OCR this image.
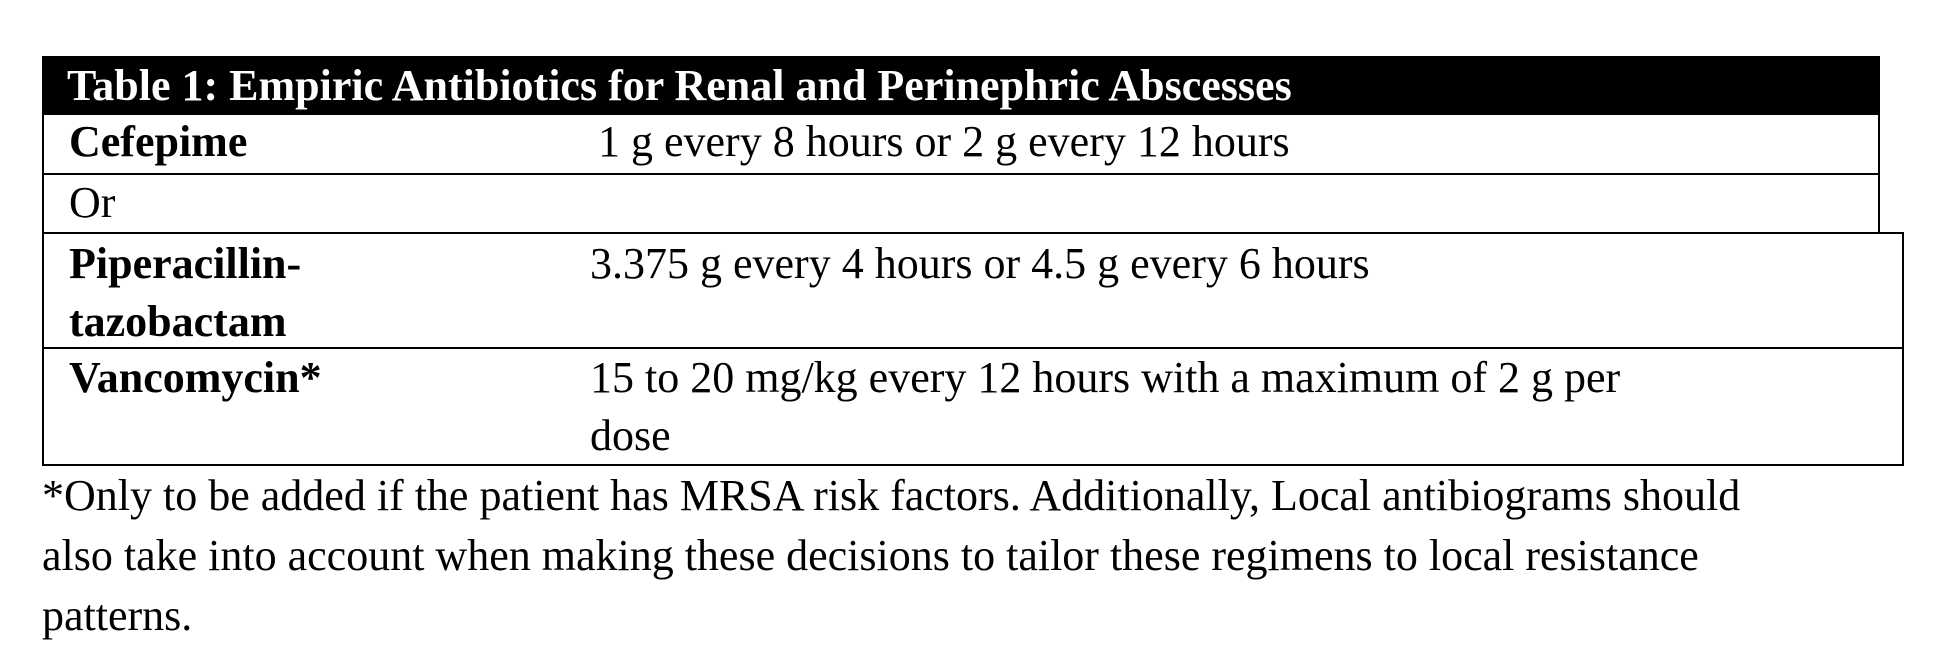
Table 1: Empiric Antibiotics for Renal and Perinephric Abscesses
Cefepime	1 g every 8 hours or 2 g every 12 hours
Or
Piperacillin-
tazobactam
3.375 g every 4 hours or 4.5 g every 6 hours
Vancomycin*	15 to 20 mg/kg every 12 hours with a maximum of 2 g per
dose
*Only to be added if the patient has MRSA risk factors. Additionally, Local antibiograms should
also take into account when making these decisions to tailor these regimens to local resistance
patterns.
